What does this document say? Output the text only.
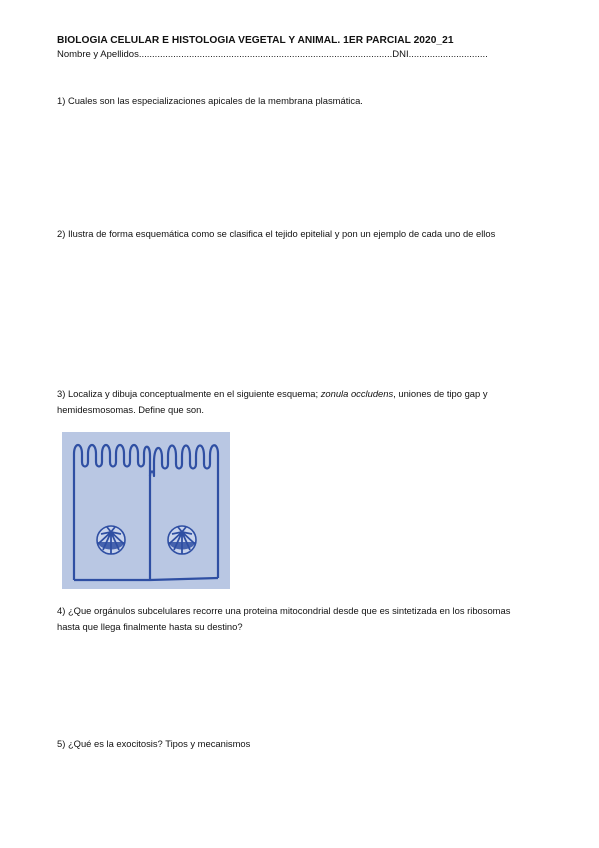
BIOLOGIA CELULAR E HISTOLOGIA VEGETAL Y ANIMAL. 1ER PARCIAL 2020_21
Nombre y Apellidos................................................................................................DNI..............................
1) Cuales son las especializaciones apicales de la membrana plasmática.
2) Ilustra de forma esquemática como se clasifica el tejido epitelial y pon un ejemplo de cada uno de ellos
3) Localiza y dibuja conceptualmente en el siguiente esquema; zonula occludens, uniones de tipo gap y hemidesmosomas. Define que son.
4) ¿Que orgánulos subcelulares recorre una proteina mitocondrial desde que es sintetizada en los ribosomas hasta que llega finalmente hasta su destino?
5) ¿Qué es la exocitosis? Tipos y mecanismos
